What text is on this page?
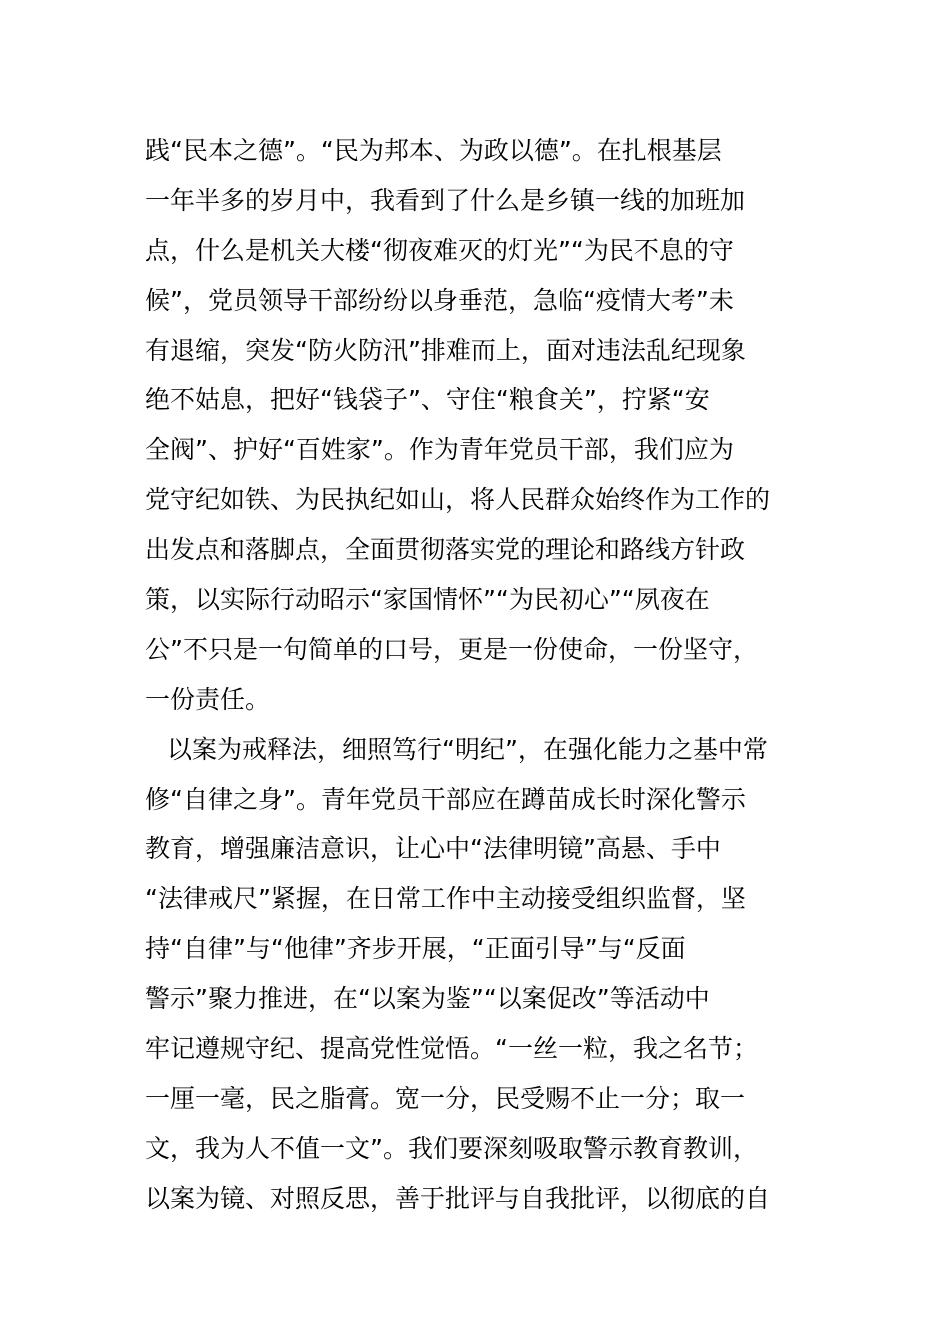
践“民本之德”。“民为邦本、为政以德”。在扎根基层
一年半多的岁月中，我看到了什么是乡镇一线的加班加
点，什么是机关大楼“彻夜难灭的灯光”“为民不息的守
候”，党员领导干部纷纷以身垂范，急临“疫情大考”未
有退缩，突发“防火防汛”排难而上，面对违法乱纪现象
绝不姑息，把好“钱袋子”、守住“粮食关”，拧紧“安
全阀”、护好“百姓家”。作为青年党员干部，我们应为
党守纪如铁、为民执纪如山，将人民群众始终作为工作的
出发点和落脚点，全面贯彻落实党的理论和路线方针政
策，以实际行动昭示“家国情怀”“为民初心”“夙夜在
公”不只是一句简单的口号，更是一份使命，一份坚守，
一份责任。
以案为戒释法，细照笃行“明纪”，在强化能力之基中常
修“自律之身”。青年党员干部应在蹲苗成长时深化警示
教育，增强廉洁意识，让心中“法律明镜”高悬、手中
“法律戒尺”紧握，在日常工作中主动接受组织监督，坚
持“自律”与“他律”齐步开展，“正面引导”与“反面
警示”聚力推进，在“以案为鉴”“以案促改”等活动中
牢记遵规守纪、提高党性觉悟。“一丝一粒，我之名节；
一厘一毫，民之脂膏。宽一分，民受赐不止一分；取一
文，我为人不值一文”。我们要深刻吸取警示教育教训，
以案为镜、对照反思，善于批评与自我批评，以彻底的自
